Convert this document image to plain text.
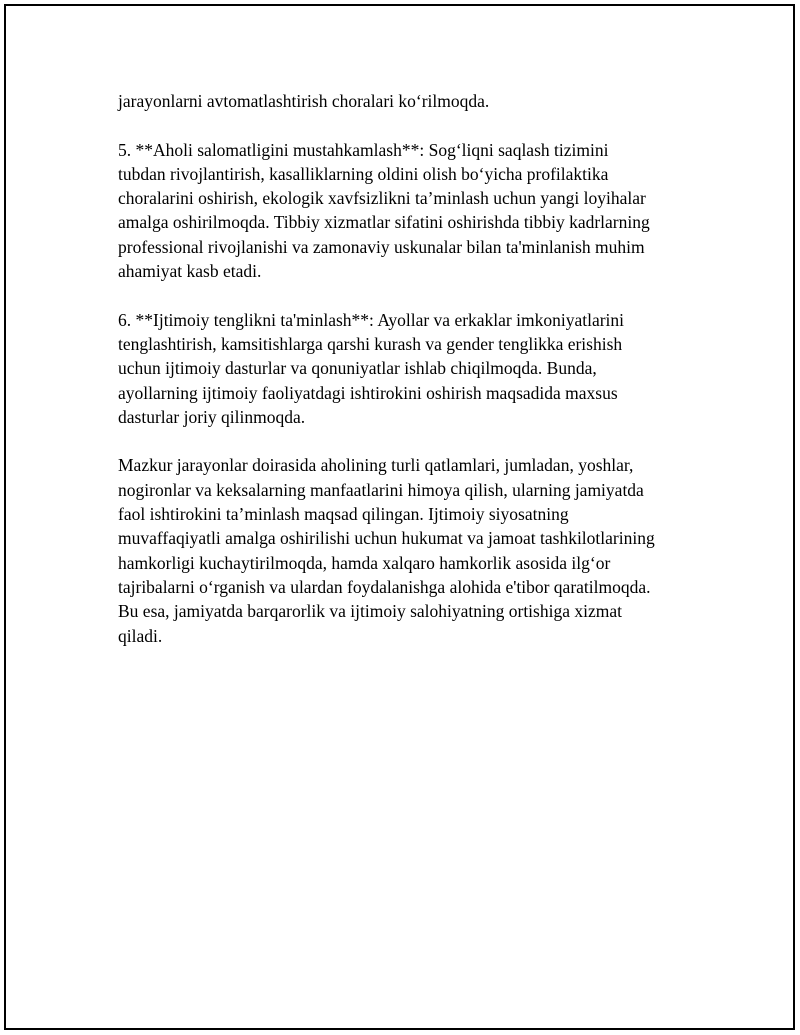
jarayonlarni avtomatlashtirish choralari ko‘rilmoqda.

5. **Aholi salomatligini mustahkamlash**: Sog‘liqni saqlash tizimini
tubdan rivojlantirish, kasalliklarning oldini olish bo‘yicha profilaktika
choralarini oshirish, ekologik xavfsizlikni ta’minlash uchun yangi loyihalar
amalga oshirilmoqda. Tibbiy xizmatlar sifatini oshirishda tibbiy kadrlarning
professional rivojlanishi va zamonaviy uskunalar bilan ta'minlanish muhim
ahamiyat kasb etadi.

6. **Ijtimoiy tenglikni ta'minlash**: Ayollar va erkaklar imkoniyatlarini
tenglashtirish, kamsitishlarga qarshi kurash va gender tenglikka erishish
uchun ijtimoiy dasturlar va qonuniyatlar ishlab chiqilmoqda. Bunda,
ayollarning ijtimoiy faoliyatdagi ishtirokini oshirish maqsadida maxsus
dasturlar joriy qilinmoqda.

Mazkur jarayonlar doirasida aholining turli qatlamlari, jumladan, yoshlar,
nogironlar va keksalarning manfaatlarini himoya qilish, ularning jamiyatda
faol ishtirokini ta’minlash maqsad qilingan. Ijtimoiy siyosatning
muvaffaqiyatli amalga oshirilishi uchun hukumat va jamoat tashkilotlarining
hamkorligi kuchaytirilmoqda, hamda xalqaro hamkorlik asosida ilg‘or
tajribalarni o‘rganish va ulardan foydalanishga alohida e'tibor qaratilmoqda.
Bu esa, jamiyatda barqarorlik va ijtimoiy salohiyatning ortishiga xizmat
qiladi.
